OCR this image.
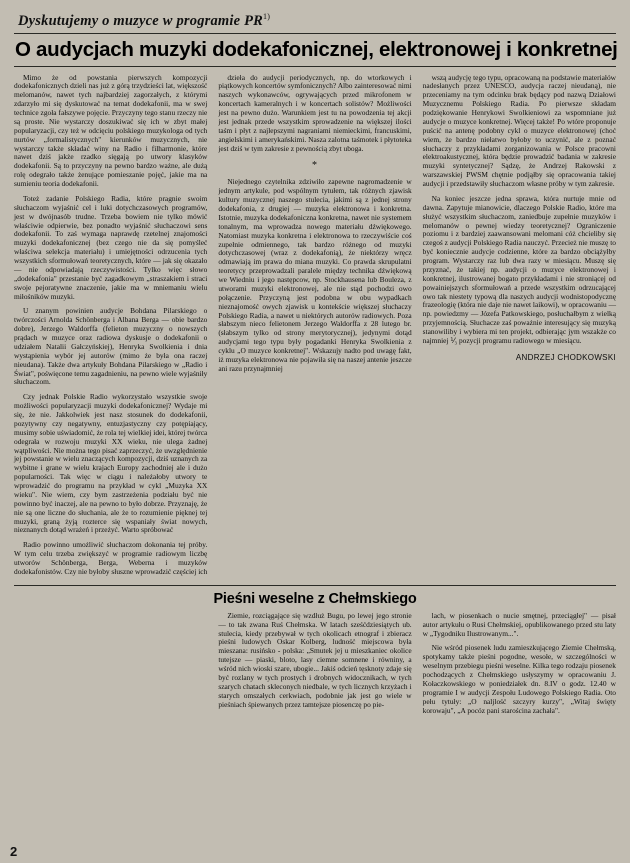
Dyskutujemy o muzyce w programie PR$^{1)}$
O audycjach muzyki dodekafonicznej, elektronowej i konkretnej

Mimo że od powstania pierwszych kompozycji dodekafonicznych dzieli nas już z górą trzydzieści lat, większość melomanów, nawet tych najbardziej zagorzałych, z którymi zdarzyło mi się dyskutować na temat dodekafonii, ma w swej technice zgoła fałszywe pojęcie. Przyczyny tego stanu rzeczy nie są proste. Nie wystarczy doszukiwać się ich w zbyt małej popularyzacji, czy też w odcięciu polskiego muzykologa od tych nurtów „formalistycznych" kierunków muzycznych, nie wystarczy także składać winy na Radio i filharmonie, które nawet dziś jakże rzadko sięgają po utwory klasyków dodekafonii. Są to przyczyny na pewno bardzo ważne, ale dużą rolę odegrało także żenujące pomieszanie pojęć, jakie ma na sumieniu teoria dodekafonii.

Toteż zadanie Polskiego Radia, które pragnie swoim słuchaczom wyjaśnić cel i luki dotychczasowych programów, jest w dwójnasób trudne. Trzeba bowiem nie tylko mówić właściwie odpierwie, bez ponadto wyjaśnić słuchaczowi sens dodekafonii. To zaś wymaga naprawdę rzetelnej znajomości muzyki dodekafonicznej (bez czego nie da się pomyśleć właściwa selekcja materiału) i umiejętności odrzucenia tych wszystkich sformułowań teoretycznych, które — jak się okazało — nie odpowiadają rzeczywistości. Tylko więc słowo „dodekafonia" przestanie być zagadkowym „straszakiem i straci swoje pejoratywne znaczenie, jakie ma w mniemaniu wielu miłośników muzyki.

U znanym powinien audycje Bohdana Pilarskiego o twórczości Arnolda Schönberga i Albana Berga — obie bardzo dobre), Jerzego Waldorffa (felieton muzyczny o nowszych prądach w muzyce oraz radiowa dyskusje o dodekafonii o udziałem Natalii Gałczyńskiej), Henryka Swolkienia i dnia wystąpienia wybór jej autorów (mimo że była ona raczej nieudana). Także dwa artykuły Bohdana Pilarskiego w „Radio i Świat", poświęcone temu zagadnieniu, na pewno wiele wyjaśniły słuchaczom.

Czy jednak Polskie Radio wykorzystało wszystkie swoje możliwości popularyzacji muzyki dodekafonicznej? Wydaje mi się, że nie. Jakkolwiek jest nasz stosunek do dodekafonii, pozytywny czy negatywny, entuzjastyczny czy potępiający, musimy sobie uświadomić, że rola tej wielkiej idei, której twórca odegrała w rozwoju muzyki XX wieku, nie ulega żadnej wątpliwości. Nie można tego pisać zaprzeczyć, że uwzględnienie jej powstanie w wielu znaczących kompozycji, dziś uznanych za wybitne i grane w wielu krajach Europy zachodniej ale i dużo popularności. Tak więc w ciągu i należałoby utwory te wprowadzić do programu na przykład w cykl „Muzyka XX wieku". Nie wiem, czy bym zastrzeżenia podziału być nie powinno być inaczej, ale na pewno to było dobrze. Przyznaję, że nie są one liczne do słuchania, ale że to rozumienie pięknej tej muzyki, graną żyją rozterce się wspaniały świat nowych, nieznanych dotąd wrażeń i przeżyć. Warto spróbować

Radio powinno umożliwić słuchaczom dokonania tej próby. W tym celu trzeba zwiększyć w programie radiowym liczbę utworów Schönberga, Berga, Weberna i muzyków dodekafonistów. Czy nie byłoby słuszne wprowadzić częściej ich

dzieła do audycji periodycznych, np. do wtorkowych i piątkowych koncertów symfonicznych? Albo zainteresować nimi naszych wykonawców, ogrywających przed mikrofonem w koncertach kameralnych i w koncertach solistów? Możliwości jest na pewno dużo. Warunkiem jest tu na powodzenia tej akcji jest jednak przede wszystkim sprowadzenie na większej ilości taśm i płyt z najlepszymi nagraniami niemieckimi, francuskimi, angielskimi i amerykańskimi. Nasza zalotna taśmotek i płytoteka jest dziś w tym zakresie z pewnością zbyt uboga.

*

Niejednego czytelnika zdziwiło zapewne nagromadzenie w jednym artykule, pod wspólnym tytułem, tak różnych zjawisk kultury muzycznej naszego stulecia, jakimi są z jednej strony dodekafonia, z drugiej — muzyka elektronowa i konkretna. Istotnie, muzyka dodekafoniczna konkretna, nawet nie systemem tonalnym, ma wprowadza nowego materiału dźwiękowego. Natomiast muzyka konkretna i elektronowa to rzeczywiście coś zupełnie odmiennego, tak bardzo różnego od muzyki dotychczasowej (wraz z dodekafonią), że niektórzy wręcz odmawiają im prawa do miana muzyki. Co prawda skrupulatni teoretycy przeprowadzali paralele między technika dźwiękową we Wiedniu i jego następcow, np. Stockhausena lub Bouleza, z utworami muzyki elektronowej, ale nie stąd pochodzi owo połączenie. Przyczyną jest podobna w obu wypadkach nieznajomość owych zjawisk u kontekście większej słuchaczy Polskiego Radia, a nawet u niektórych autorów radiowych. Poza słabszym nieco felietonem Jerzego Waldorffa z 28 lutego br. (słabszym tylko od strony merytorycznej), jedynymi dotąd audycjami tego typu były pogadanki Henryka Swolkienia z cyklu „O muzyce konkretnej". Wskazujy nadto pod uwagę fakt, iż muzyka elektronowa nie pojawiła się na naszej antenie jeszcze ani razu przynajmniej

wszą audycję tego typu, opracowaną na podstawie materiałów nadesłanych przez UNESCO, audycja raczej nieudaną), nie przeceniamy na tym odcinku brak będący pod nazwą Działowi Muzycznemu Polskiego Radia. Po pierwsze składam podziękowanie Henrykowi Swolkieniowi za wspomniane już audycje o muzyce konkretnej. Więcej także! Po wtóre proponuje puścić na antenę podobny cykl o muzyce elektronowej (choć wiem, że bardzo niełatwo byłoby to uczynić, ale z poznać słuchaczy z przykładami zorganizowania w Polsce pracowni elektroakustycznej, która będzie prowadzić badania w zakresie muzyki syntetycznej? Sądzę, że Andrzej Rakowski z warszawskiej PWSM chętnie podjąłby się opracowania takiej audycji i przedstawiły słuchaczom własne próby w tym zakresie.

Na koniec jeszcze jedna sprawa, która nurtuje mnie od dawna. Zapytuje mianowicie, dlaczego Polskie Radio, które ma służyć wszystkim słuchaczom, zaniedbuje zupełnie muzyków i melomanów o pewnej wiedzy teoretycznej? Ograniczenie poziomu i z bardziej zaawansowani melomani cóż chcieliby się czegoś z audycji Polskiego Radia nauczyć. Przecież nie muszę to być koniecznie audycje codzienne, które za bardzo obciążyłby program. Wystarczy raz lub dwa razy w miesiącu. Muszę się przyznać, że takiej np. audycji o muzyce elektronowej i konkretnej, ilustrowanej bogato przykładami i nie stroniącej od powainiejszych sformułowań a przede wszystkim odrzucającej owo tak niestety typową dla naszych audycji wodnistopodycznę frazeologię (która nie daje nie nawet laikowi), w opracowaniu — np. powiedzmy — Józefa Patkowskiego, posłuchałbym z wielką przyjemnością. Słuchacze zaś poważnie interesujący się muzyką stanowiliby i wybiera mi ten projekt, odbierając jym wszakże co najmniej ⅟₃ pozycji programu radiowego w miesiącu.

ANDRZEJ CHODKOWSKI
Pieśni weselne z Chełmskiego

Ziemie, rozciągające się wzdłuż Bugu, po lewej jego stronie — to tak zwana Ruś Chełmska. W latach sześćdziesiątych ub. stulecia, kiedy przebywał w tych okolicach etnograf i zbieracz pieśni ludowych Oskar Kolberg, ludność miejscowa była mieszana: rusińsko - polska: „Smutek jej u mieszkaniec okolice tutejsze — piaski, bloto, lasy ciemne somnene i równiny, a wśród nich wioski szare, ubogie... Jakiś odcień tęsknoty zdaje się być rozlany w tych prostych i drobnych widocznikach, w tych szarych chatach skleconych niedbale, w tych licznych krzyżach i starych omszałych cerkwiach, podobnie jak jest go wiele w pieśniach śpiewanych przez tamtejsze piosenczę po pie-

lach, w piosenkach o nucie smętnej, przeciągłej" — pisał autor artykułu o Rusi Chełmskiej, opublikowanego przed stu laty w „Tygodniku Ilustrowanym...".

Nie wśród piosenek ludu zamieszkującego Ziemie Chełmską, spotykamy także pieśni pogodne, wesołe, w szczególności w weselnym przebiegu pieśni weselne. Kilka tego rodzaju piosenek pochodzących z Chełmskiego usłyszymy w opracowaniu J. Kołaczkowskiego w poniedziałek dn. 8.IV o godz. 12.40 w programie I w audycji Zespołu Ludowego Polskiego Radia. Oto pełu tytuły: „O naljlość szczyry kurzy", „Witaj święty korowaju", „A pocóz pani starościna zachała".

2
